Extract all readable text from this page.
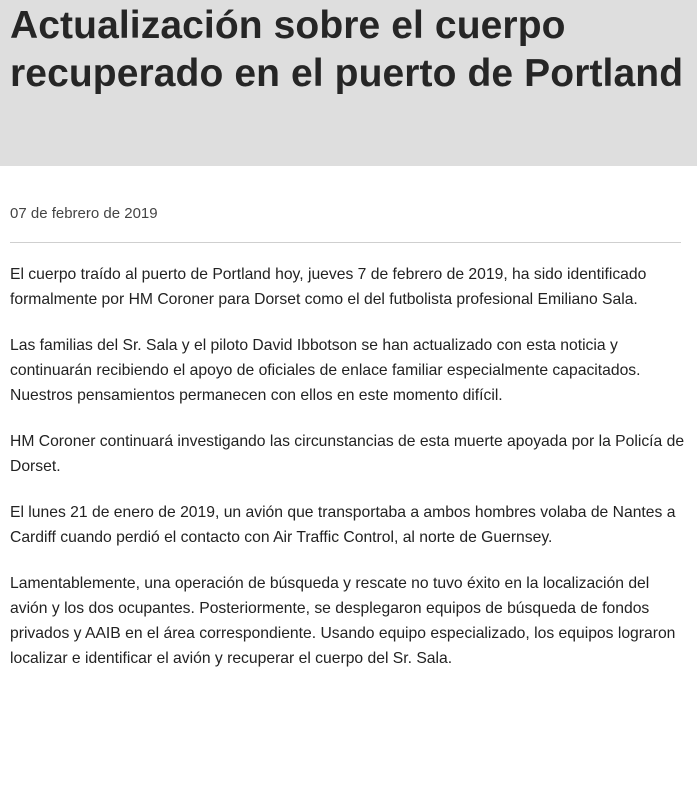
Actualización sobre el cuerpo recuperado en el puerto de Portland
07 de febrero de 2019

El cuerpo traído al puerto de Portland hoy, jueves 7 de febrero de 2019, ha sido identificado formalmente por HM Coroner para Dorset como el del futbolista profesional Emiliano Sala.

Las familias del Sr. Sala y el piloto David Ibbotson se han actualizado con esta noticia y continuarán recibiendo el apoyo de oficiales de enlace familiar especialmente capacitados. Nuestros pensamientos permanecen con ellos en este momento difícil.

HM Coroner continuará investigando las circunstancias de esta muerte apoyada por la Policía de Dorset.

El lunes 21 de enero de 2019, un avión que transportaba a ambos hombres volaba de Nantes a Cardiff cuando perdió el contacto con Air Traffic Control, al norte de Guernsey.

Lamentablemente, una operación de búsqueda y rescate no tuvo éxito en la localización del avión y los dos ocupantes. Posteriormente, se desplegaron equipos de búsqueda de fondos privados y AAIB en el área correspondiente. Usando equipo especializado, los equipos lograron localizar e identificar el avión y recuperar el cuerpo del Sr. Sala.
